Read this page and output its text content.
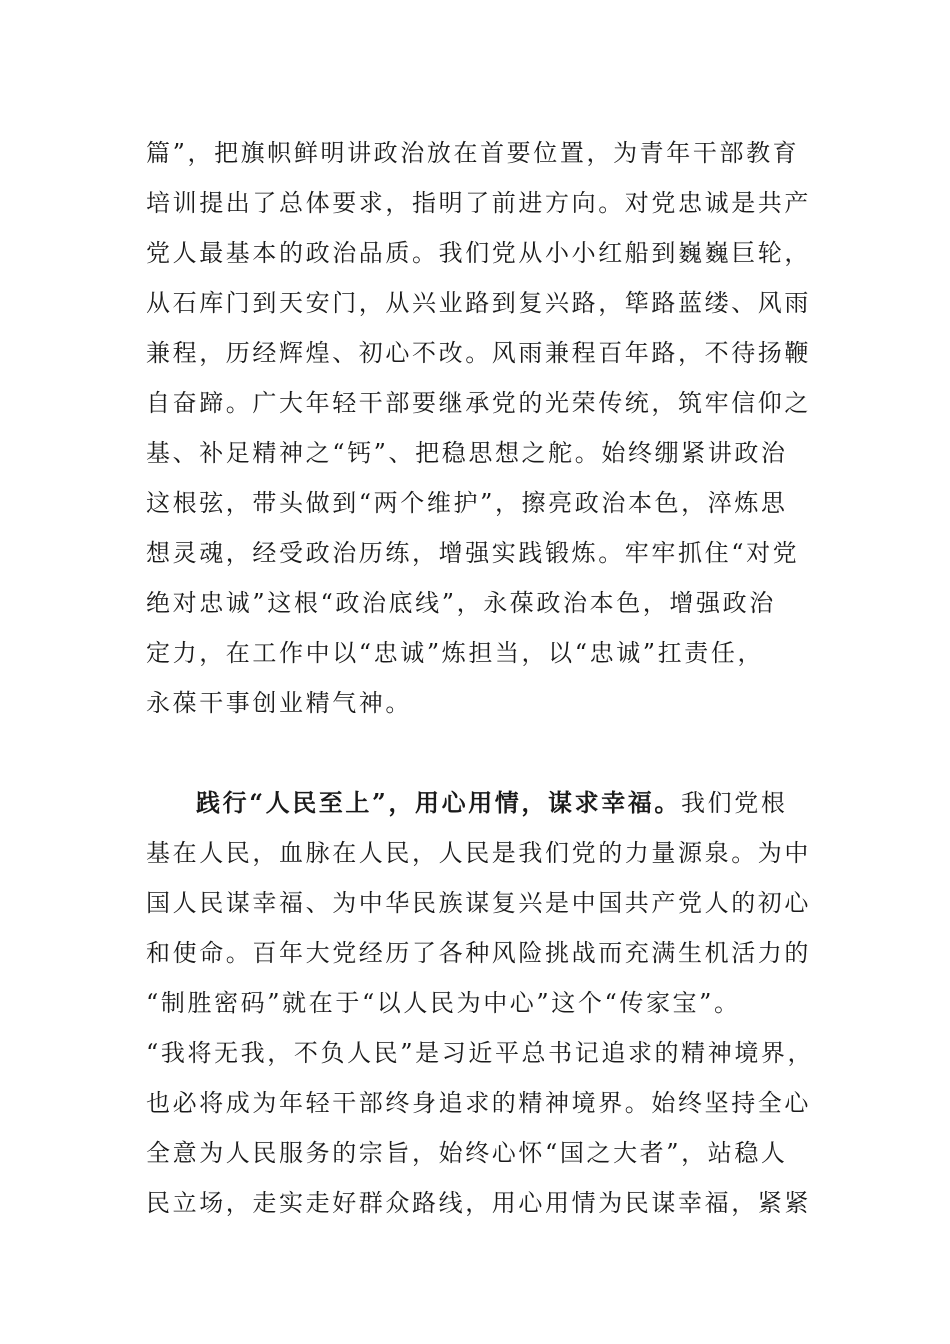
篇”，把旗帜鲜明讲政治放在首要位置，为青年干部教育
培训提出了总体要求，指明了前进方向。对党忠诚是共产
党人最基本的政治品质。我们党从小小红船到巍巍巨轮，
从石库门到天安门，从兴业路到复兴路，筚路蓝缕、风雨
兼程，历经辉煌、初心不改。风雨兼程百年路，不待扬鞭
自奋蹄。广大年轻干部要继承党的光荣传统，筑牢信仰之
基、补足精神之“钙”、把稳思想之舵。始终绷紧讲政治
这根弦，带头做到“两个维护”，擦亮政治本色，淬炼思
想灵魂，经受政治历练，增强实践锻炼。牢牢抓住“对党
绝对忠诚”这根“政治底线”，永葆政治本色，增强政治
定力，在工作中以“忠诚”炼担当，以“忠诚”扛责任，
永葆干事创业精气神。
践行“人民至上”，用心用情，谋求幸福。我们党根
基在人民，血脉在人民，人民是我们党的力量源泉。为中
国人民谋幸福、为中华民族谋复兴是中国共产党人的初心
和使命。百年大党经历了各种风险挑战而充满生机活力的
“制胜密码”就在于“以人民为中心”这个“传家宝”。
“我将无我，不负人民”是习近平总书记追求的精神境界，
也必将成为年轻干部终身追求的精神境界。始终坚持全心
全意为人民服务的宗旨，始终心怀“国之大者”，站稳人
民立场，走实走好群众路线，用心用情为民谋幸福，紧紧
